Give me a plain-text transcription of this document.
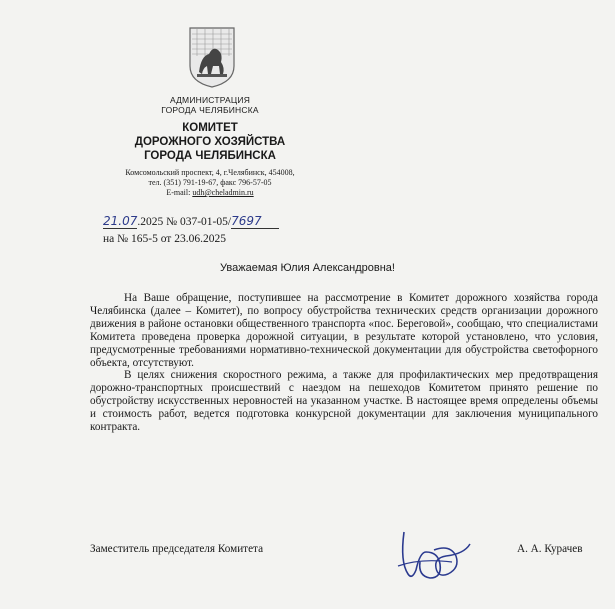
АДМИНИСТРАЦИЯ
ГОРОДА ЧЕЛЯБИНСКА
КОМИТЕТ
ДОРОЖНОГО ХОЗЯЙСТВА
ГОРОДА ЧЕЛЯБИНСКА
Комсомольский проспект, 4, г.Челябинск, 454008,
тел. (351) 791-19-67, факс 796-57-05
E-mail: udh@cheladmin.ru
21.07.2025 № 037-01-05/7697
на № 165-5 от 23.06.2025
Уважаемая Юлия Александровна!

На Ваше обращение, поступившее на рассмотрение в Комитет дорожного хозяйства города Челябинска (далее – Комитет), по вопросу обустройства технических средств организации дорожного движения в районе остановки общественного транспорта «пос. Береговой», сообщаю, что специалистами Комитета проведена проверка дорожной ситуации, в результате которой установлено, что условия, предусмотренные требованиями нормативно-технической документации для обустройства светофорного объекта, отсутствуют.

В целях снижения скоростного режима, а также для профилактических мер предотвращения дорожно-транспортных происшествий с наездом на пешеходов Комитетом принято решение по обустройству искусственных неровностей на указанном участке. В настоящее время определены объемы и стоимость работ, ведется подготовка конкурсной документации для заключения муниципального контракта.

Заместитель председателя Комитета	А. А. Курачев
